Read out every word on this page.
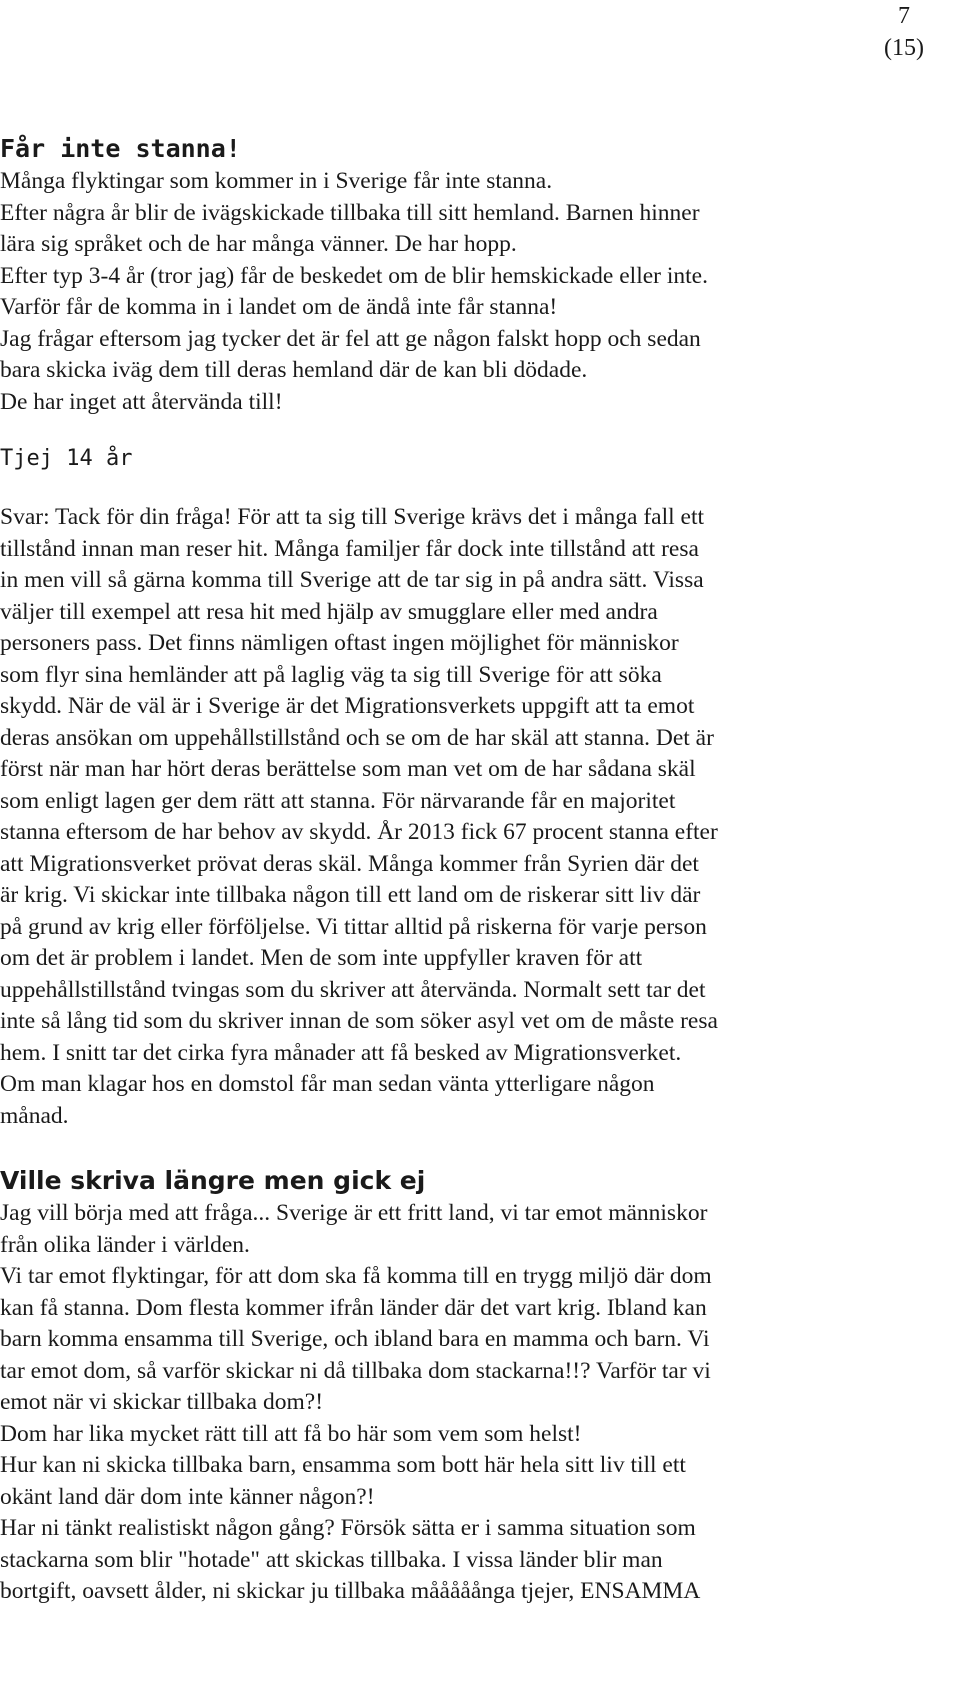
7
(15)
Får inte stanna!
Många flyktingar som kommer in i Sverige får inte stanna.
Efter några år blir de ivägskickade tillbaka till sitt hemland. Barnen hinner
lära sig språket och de har många vänner. De har hopp.
Efter typ 3-4 år (tror jag) får de beskedet om de blir hemskickade eller inte.
Varför får de komma in i landet om de ändå inte får stanna!
Jag frågar eftersom jag tycker det är fel att ge någon falskt hopp och sedan
bara skicka iväg dem till deras hemland där de kan bli dödade.
De har inget att återvända till!
Tjej 14 år
Svar: Tack för din fråga! För att ta sig till Sverige krävs det i många fall ett
tillstånd innan man reser hit. Många familjer får dock inte tillstånd att resa
in men vill så gärna komma till Sverige att de tar sig in på andra sätt. Vissa
väljer till exempel att resa hit med hjälp av smugglare eller med andra
personers pass. Det finns nämligen oftast ingen möjlighet för människor
som flyr sina hemländer att på laglig väg ta sig till Sverige för att söka
skydd. När de väl är i Sverige är det Migrationsverkets uppgift att ta emot
deras ansökan om uppehållstillstånd och se om de har skäl att stanna. Det är
först när man har hört deras berättelse som man vet om de har sådana skäl
som enligt lagen ger dem rätt att stanna. För närvarande får en majoritet
stanna eftersom de har behov av skydd. År 2013 fick 67 procent stanna efter
att Migrationsverket prövat deras skäl. Många kommer från Syrien där det
är krig. Vi skickar inte tillbaka någon till ett land om de riskerar sitt liv där
på grund av krig eller förföljelse. Vi tittar alltid på riskerna för varje person
om det är problem i landet. Men de som inte uppfyller kraven för att
uppehållstillstånd tvingas som du skriver att återvända. Normalt sett tar det
inte så lång tid som du skriver innan de som söker asyl vet om de måste resa
hem. I snitt tar det cirka fyra månader att få besked av Migrationsverket.
Om man klagar hos en domstol får man sedan vänta ytterligare någon
månad.
Ville skriva längre men gick ej
Jag vill börja med att fråga... Sverige är ett fritt land, vi tar emot människor
från olika länder i världen.
Vi tar emot flyktingar, för att dom ska få komma till en trygg miljö där dom
kan få stanna. Dom flesta kommer ifrån länder där det vart krig. Ibland kan
barn komma ensamma till Sverige, och ibland bara en mamma och barn. Vi
tar emot dom, så varför skickar ni då tillbaka dom stackarna!!? Varför tar vi
emot när vi skickar tillbaka dom?!
Dom har lika mycket rätt till att få bo här som vem som helst!
Hur kan ni skicka tillbaka barn, ensamma som bott här hela sitt liv till ett
okänt land där dom inte känner någon?!
Har ni tänkt realistiskt någon gång? Försök sätta er i samma situation som
stackarna som blir "hotade" att skickas tillbaka. I vissa länder blir man
bortgift, oavsett ålder, ni skickar ju tillbaka mååååånga tjejer, ENSAMMA
